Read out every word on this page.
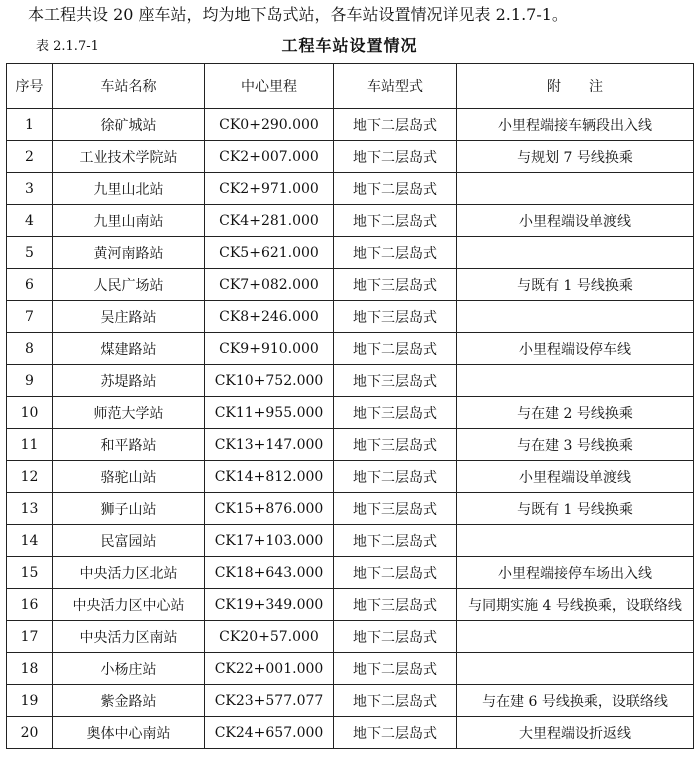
本工程共设 20 座车站，均为地下岛式站，各车站设置情况详见表 2.1.7-1。
表 2.1.7-1	工程车站设置情况
序号	车站名称	中心里程	车站型式	附　　注
1	徐矿城站	CK0+290.000	地下二层岛式	小里程端接车辆段出入线
2	工业技术学院站	CK2+007.000	地下二层岛式	与规划 7 号线换乘
3	九里山北站	CK2+971.000	地下二层岛式	
4	九里山南站	CK4+281.000	地下二层岛式	小里程端设单渡线
5	黄河南路站	CK5+621.000	地下二层岛式	
6	人民广场站	CK7+082.000	地下三层岛式	与既有 1 号线换乘
7	吴庄路站	CK8+246.000	地下三层岛式	
8	煤建路站	CK9+910.000	地下二层岛式	小里程端设停车线
9	苏堤路站	CK10+752.000	地下三层岛式	
10	师范大学站	CK11+955.000	地下三层岛式	与在建 2 号线换乘
11	和平路站	CK13+147.000	地下三层岛式	与在建 3 号线换乘
12	骆驼山站	CK14+812.000	地下二层岛式	小里程端设单渡线
13	狮子山站	CK15+876.000	地下三层岛式	与既有 1 号线换乘
14	民富园站	CK17+103.000	地下二层岛式	
15	中央活力区北站	CK18+643.000	地下二层岛式	小里程端接停车场出入线
16	中央活力区中心站	CK19+349.000	地下三层岛式	与同期实施 4 号线换乘，设联络线
17	中央活力区南站	CK20+57.000	地下二层岛式	
18	小杨庄站	CK22+001.000	地下二层岛式	
19	紫金路站	CK23+577.077	地下二层岛式	与在建 6 号线换乘，设联络线
20	奥体中心南站	CK24+657.000	地下二层岛式	大里程端设折返线
